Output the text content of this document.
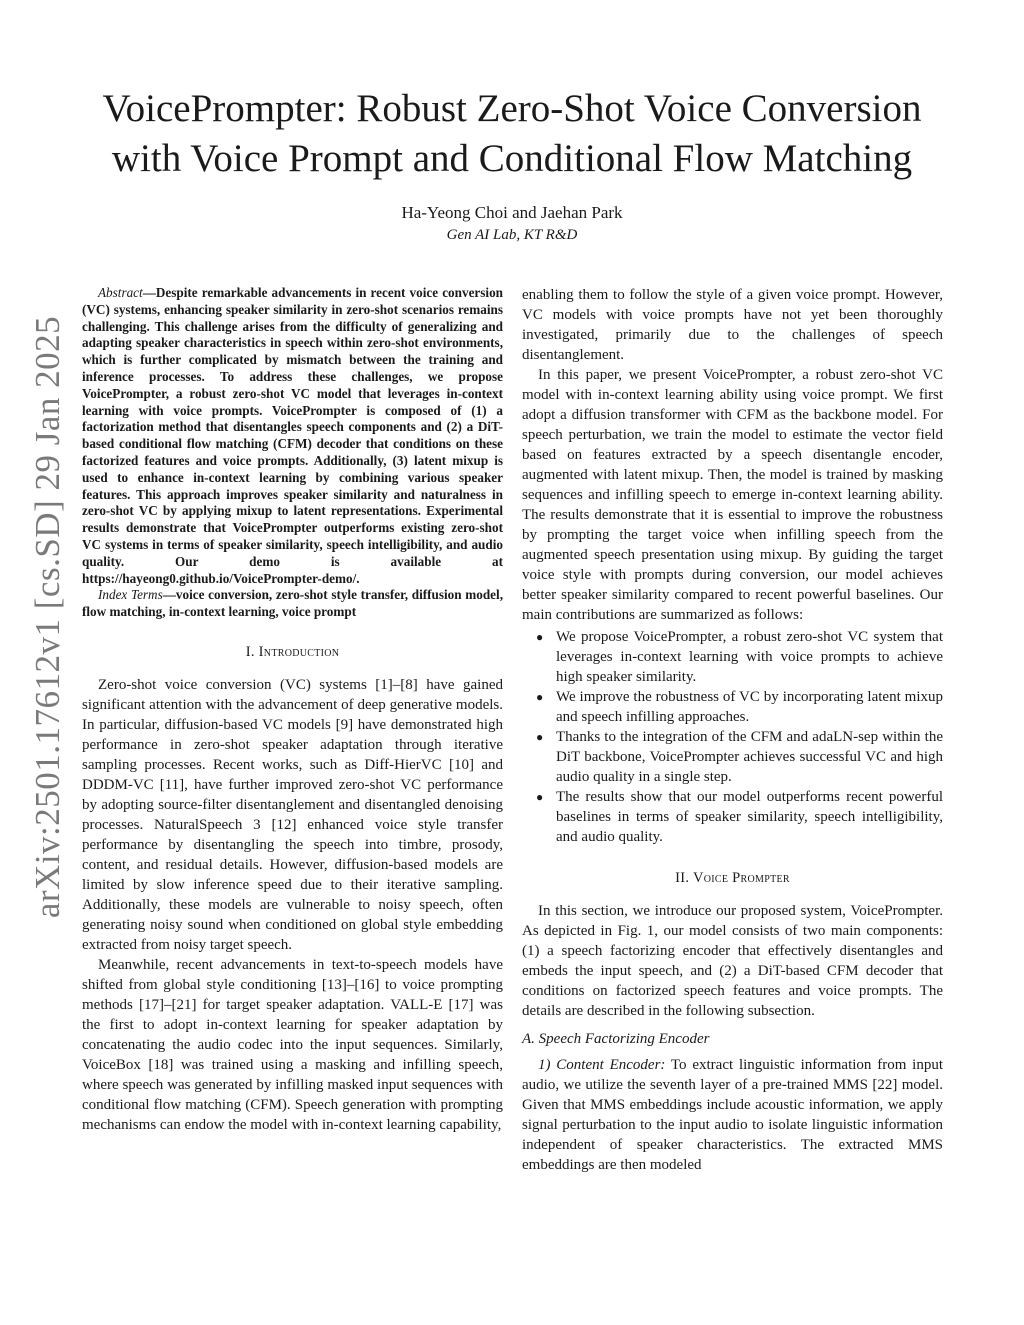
arXiv:2501.17612v1 [cs.SD] 29 Jan 2025
VoicePrompter: Robust Zero-Shot Voice Conversion
with Voice Prompt and Conditional Flow Matching
Ha-Yeong Choi and Jaehan Park
Gen AI Lab, KT R&D

Abstract—Despite remarkable advancements in recent voice conversion (VC) systems, enhancing speaker similarity in zero-shot scenarios remains challenging. This challenge arises from the difficulty of generalizing and adapting speaker characteristics in speech within zero-shot environments, which is further complicated by mismatch between the training and inference processes. To address these challenges, we propose VoicePrompter, a robust zero-shot VC model that leverages in-context learning with voice prompts. VoicePrompter is composed of (1) a factorization method that disentangles speech components and (2) a DiT-based conditional flow matching (CFM) decoder that conditions on these factorized features and voice prompts. Additionally, (3) latent mixup is used to enhance in-context learning by combining various speaker features. This approach improves speaker similarity and naturalness in zero-shot VC by applying mixup to latent representations. Experimental results demonstrate that VoicePrompter outperforms existing zero-shot VC systems in terms of speaker similarity, speech intelligibility, and audio quality. Our demo is available at https://hayeong0.github.io/VoicePrompter-demo/.

Index Terms—voice conversion, zero-shot style transfer, diffusion model, flow matching, in-context learning, voice prompt

I. Introduction

Zero-shot voice conversion (VC) systems [1]–[8] have gained significant attention with the advancement of deep generative models. In particular, diffusion-based VC models [9] have demonstrated high performance in zero-shot speaker adaptation through iterative sampling processes. Recent works, such as Diff-HierVC [10] and DDDM-VC [11], have further improved zero-shot VC performance by adopting source-filter disentanglement and disentangled denoising processes. NaturalSpeech 3 [12] enhanced voice style transfer performance by disentangling the speech into timbre, prosody, content, and residual details. However, diffusion-based models are limited by slow inference speed due to their iterative sampling. Additionally, these models are vulnerable to noisy speech, often generating noisy sound when conditioned on global style embedding extracted from noisy target speech.

Meanwhile, recent advancements in text-to-speech models have shifted from global style conditioning [13]–[16] to voice prompting methods [17]–[21] for target speaker adaptation. VALL-E [17] was the first to adopt in-context learning for speaker adaptation by concatenating the audio codec into the input sequences. Similarly, VoiceBox [18] was trained using a masking and infilling speech, where speech was generated by infilling masked input sequences with conditional flow matching (CFM). Speech generation with prompting mechanisms can endow the model with in-context learning capability,

enabling them to follow the style of a given voice prompt. However, VC models with voice prompts have not yet been thoroughly investigated, primarily due to the challenges of speech disentanglement.

In this paper, we present VoicePrompter, a robust zero-shot VC model with in-context learning ability using voice prompt. We first adopt a diffusion transformer with CFM as the backbone model. For speech perturbation, we train the model to estimate the vector field based on features extracted by a speech disentangle encoder, augmented with latent mixup. Then, the model is trained by masking sequences and infilling speech to emerge in-context learning ability. The results demonstrate that it is essential to improve the robustness by prompting the target voice when infilling speech from the augmented speech presentation using mixup. By guiding the target voice style with prompts during conversion, our model achieves better speaker similarity compared to recent powerful baselines. Our main contributions are summarized as follows:

● We propose VoicePrompter, a robust zero-shot VC system that leverages in-context learning with voice prompts to achieve high speaker similarity.
● We improve the robustness of VC by incorporating latent mixup and speech infilling approaches.
● Thanks to the integration of the CFM and adaLN-sep within the DiT backbone, VoicePrompter achieves successful VC and high audio quality in a single step.
● The results show that our model outperforms recent powerful baselines in terms of speaker similarity, speech intelligibility, and audio quality.
II. Voice Prompter

In this section, we introduce our proposed system, VoicePrompter. As depicted in Fig. 1, our model consists of two main components: (1) a speech factorizing encoder that effectively disentangles and embeds the input speech, and (2) a DiT-based CFM decoder that conditions on factorized speech features and voice prompts. The details are described in the following subsection.

A. Speech Factorizing Encoder

1) Content Encoder: To extract linguistic information from input audio, we utilize the seventh layer of a pre-trained MMS [22] model. Given that MMS embeddings include acoustic information, we apply signal perturbation to the input audio to isolate linguistic information independent of speaker characteristics. The extracted MMS embeddings are then modeled
